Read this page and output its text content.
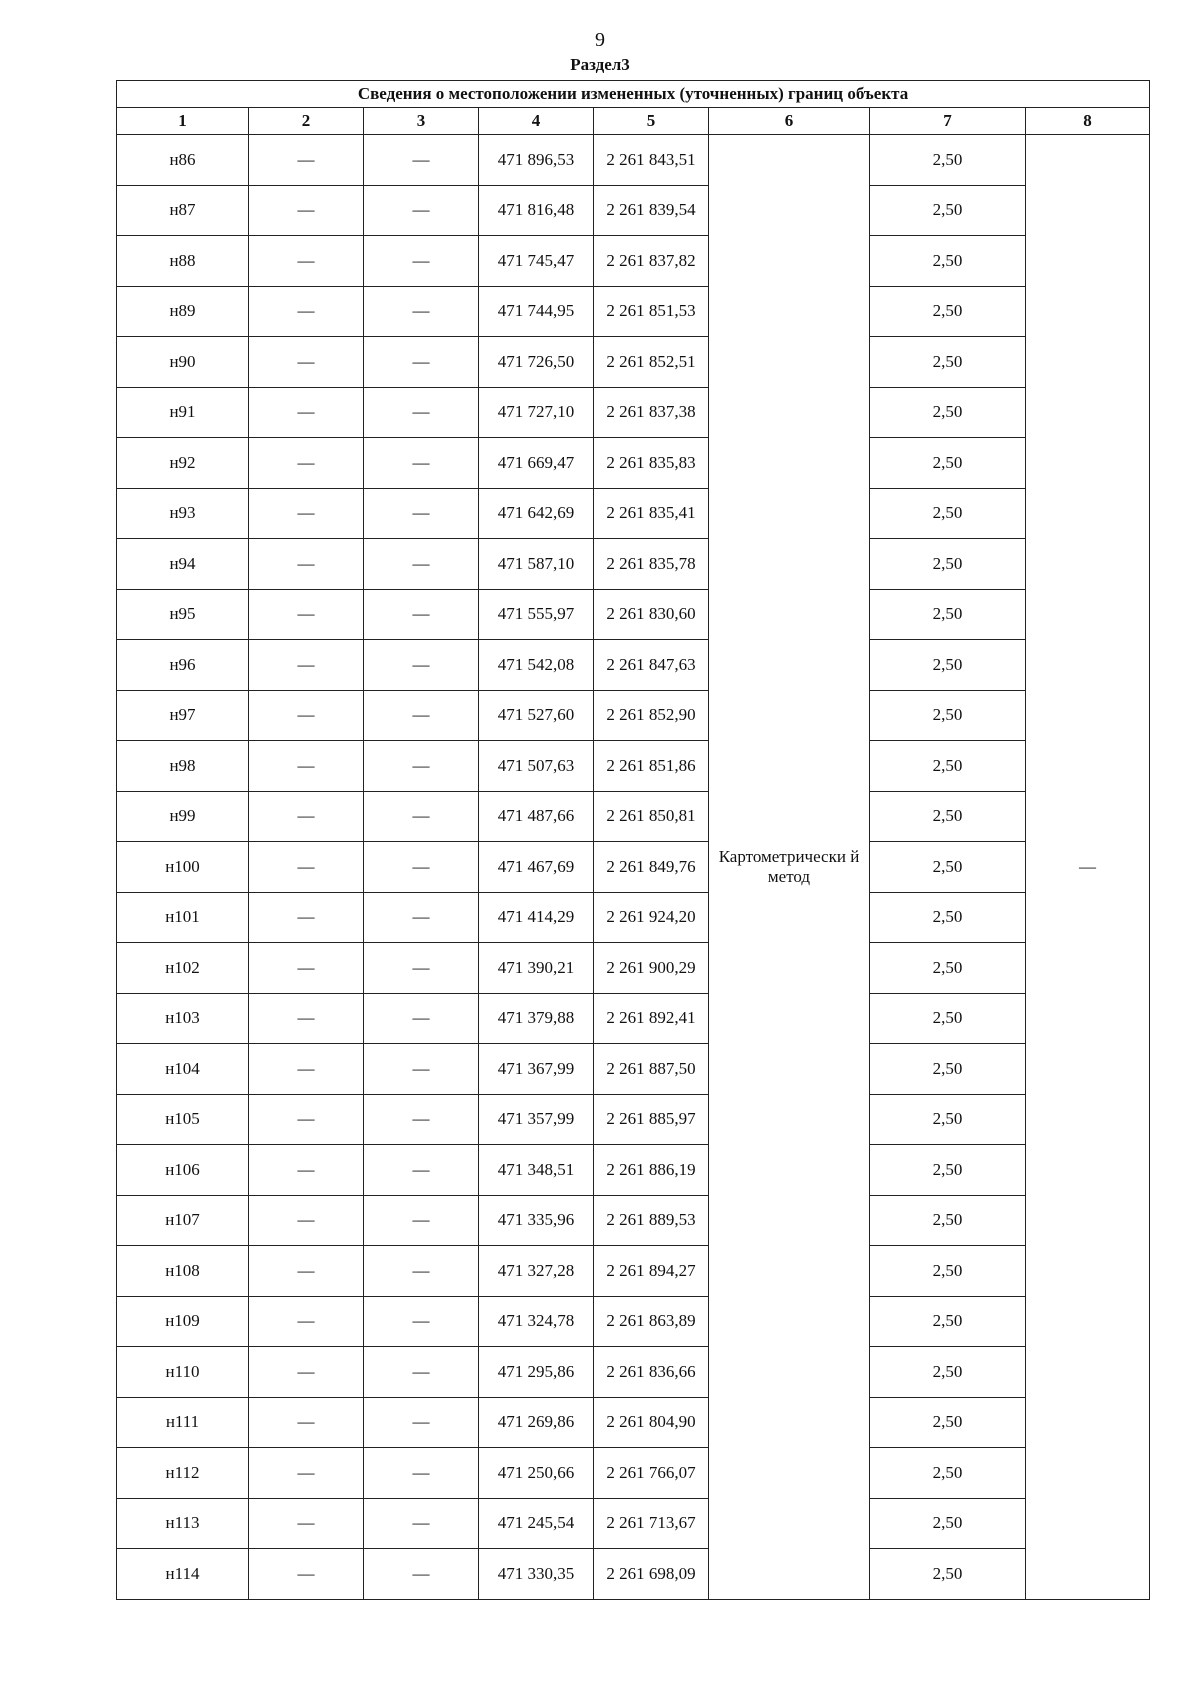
9
Раздел3
Сведения о местоположении измененных (уточненных) границ объекта							
1	2	3	4	5	6	7	8
н86	—	—	471 896,53	2 261 843,51	Картометрически й метод	2,50	—
н87	—	—	471 816,48	2 261 839,54		2,50	
н88	—	—	471 745,47	2 261 837,82		2,50	
н89	—	—	471 744,95	2 261 851,53		2,50	
н90	—	—	471 726,50	2 261 852,51		2,50	
н91	—	—	471 727,10	2 261 837,38		2,50	
н92	—	—	471 669,47	2 261 835,83		2,50	
н93	—	—	471 642,69	2 261 835,41		2,50	
н94	—	—	471 587,10	2 261 835,78		2,50	
н95	—	—	471 555,97	2 261 830,60		2,50	
н96	—	—	471 542,08	2 261 847,63		2,50	
н97	—	—	471 527,60	2 261 852,90		2,50	
н98	—	—	471 507,63	2 261 851,86		2,50	
н99	—	—	471 487,66	2 261 850,81		2,50	
н100	—	—	471 467,69	2 261 849,76		2,50	
н101	—	—	471 414,29	2 261 924,20		2,50	
н102	—	—	471 390,21	2 261 900,29		2,50	
н103	—	—	471 379,88	2 261 892,41		2,50	
н104	—	—	471 367,99	2 261 887,50		2,50	
н105	—	—	471 357,99	2 261 885,97		2,50	
н106	—	—	471 348,51	2 261 886,19		2,50	
н107	—	—	471 335,96	2 261 889,53		2,50	
н108	—	—	471 327,28	2 261 894,27		2,50	
н109	—	—	471 324,78	2 261 863,89		2,50	
н110	—	—	471 295,86	2 261 836,66		2,50	
н111	—	—	471 269,86	2 261 804,90		2,50	
н112	—	—	471 250,66	2 261 766,07		2,50	
н113	—	—	471 245,54	2 261 713,67		2,50	
н114	—	—	471 330,35	2 261 698,09		2,50	
